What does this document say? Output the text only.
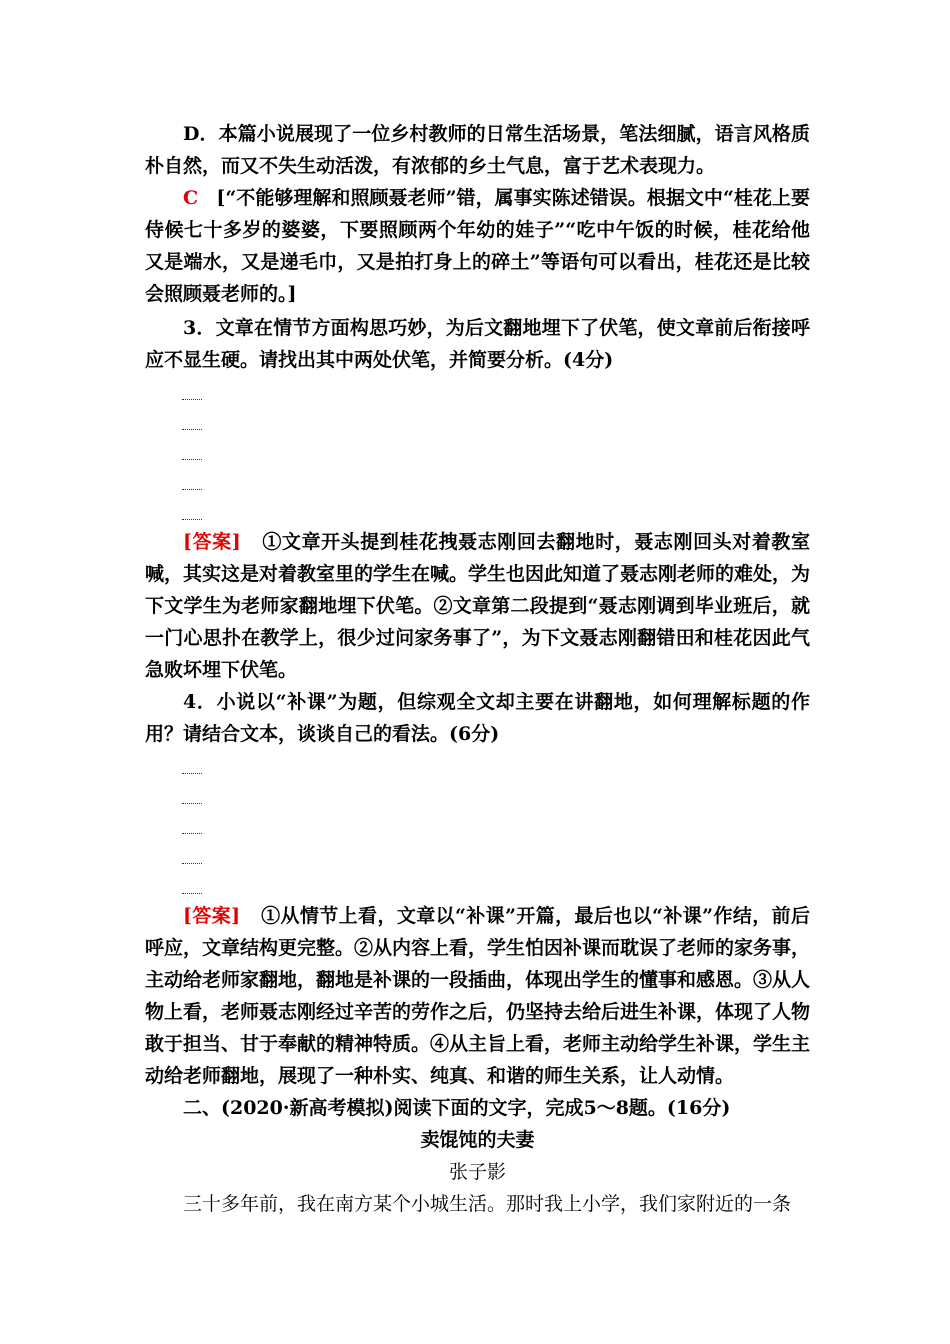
D．本篇小说展现了一位乡村教师的日常生活场景，笔法细腻，语言风格质朴自然，而又不失生动活泼，有浓郁的乡土气息，富于艺术表现力。

C [“不能够理解和照顾聂老师”错，属事实陈述错误。根据文中“桂花上要侍候七十多岁的婆婆，下要照顾两个年幼的娃子”“吃中午饭的时候，桂花给他又是端水，又是递毛巾，又是拍打身上的碎土”等语句可以看出，桂花还是比较会照顾聂老师的。]

3．文章在情节方面构思巧妙，为后文翻地埋下了伏笔，使文章前后衔接呼应不显生硬。请找出其中两处伏笔，并简要分析。(4分)

[答案] ①文章开头提到桂花拽聂志刚回去翻地时，聂志刚回头对着教室喊，其实这是对着教室里的学生在喊。学生也因此知道了聂志刚老师的难处，为下文学生为老师家翻地埋下伏笔。②文章第二段提到“聂志刚调到毕业班后，就一门心思扑在教学上，很少过问家务事了”，为下文聂志刚翻错田和桂花因此气急败坏埋下伏笔。

4．小说以“补课”为题，但综观全文却主要在讲翻地，如何理解标题的作用？请结合文本，谈谈自己的看法。(6分)

[答案] ①从情节上看，文章以“补课”开篇，最后也以“补课”作结，前后呼应，文章结构更完整。②从内容上看，学生怕因补课而耽误了老师的家务事，主动给老师家翻地，翻地是补课的一段插曲，体现出学生的懂事和感恩。③从人物上看，老师聂志刚经过辛苦的劳作之后，仍坚持去给后进生补课，体现了人物敢于担当、甘于奉献的精神特质。④从主旨上看，老师主动给学生补课，学生主动给老师翻地，展现了一种朴实、纯真、和谐的师生关系，让人动情。

二、(2020·新高考模拟)阅读下面的文字，完成5～8题。(16分)

卖馄饨的夫妻

张子影

三十多年前，我在南方某个小城生活。那时我上小学，我们家附近的一条
